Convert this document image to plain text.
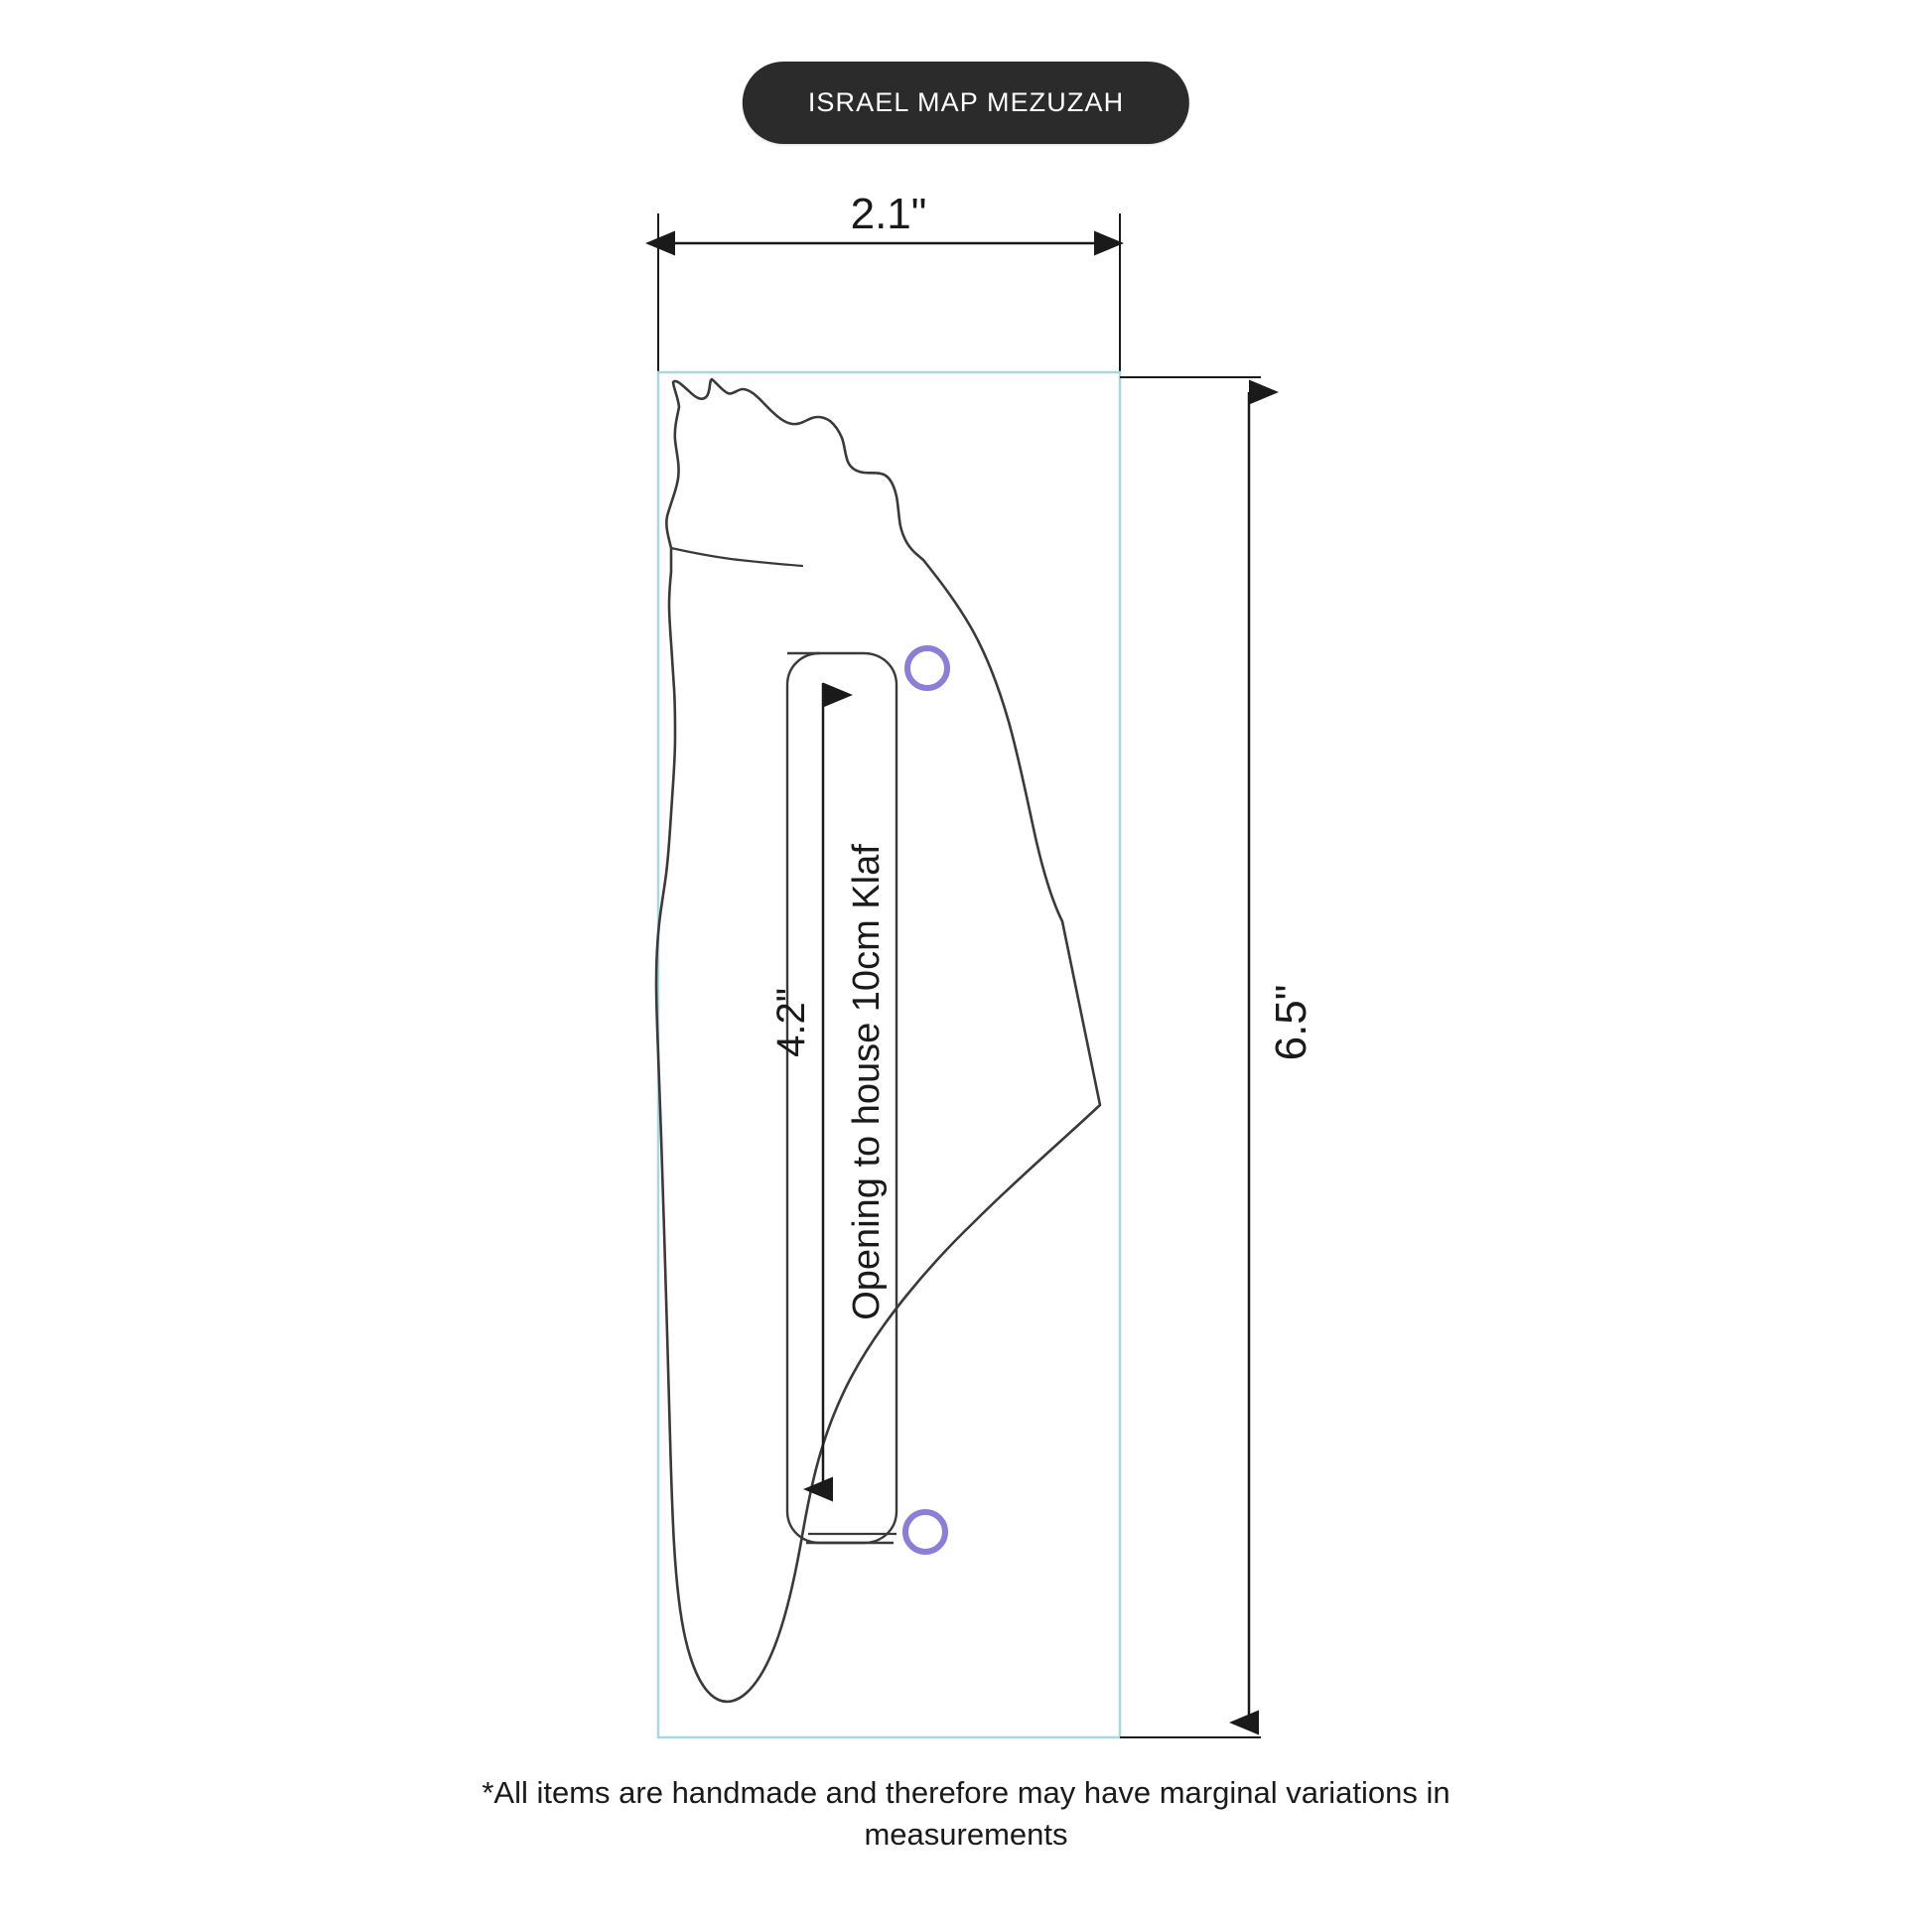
ISRAEL MAP MEZUZAH
2.1"
6.5"
4.2" Opening to house 10cm Klaf
*All items are handmade and therefore may have marginal variations in measurements
